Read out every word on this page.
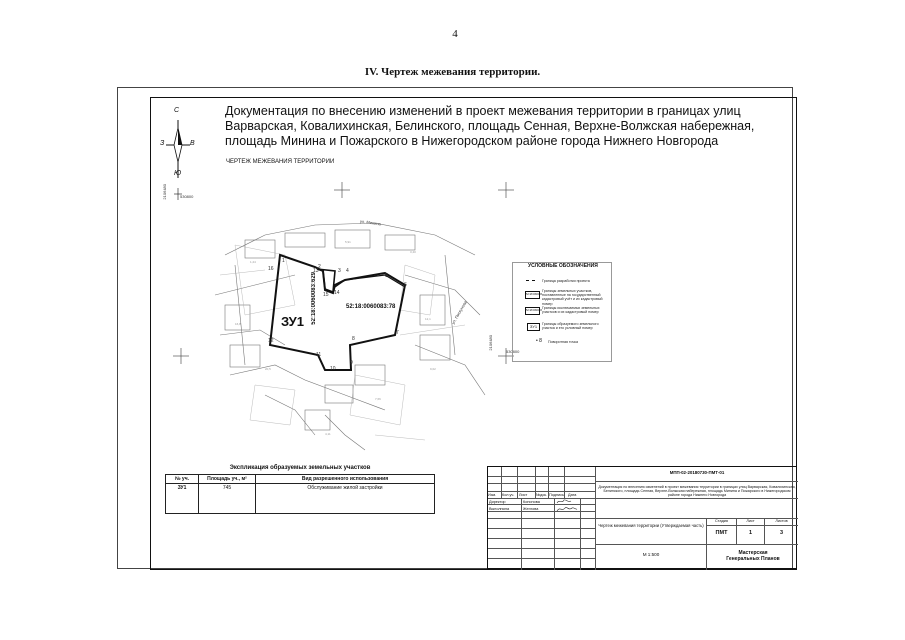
4
IV. Чертеж межевания территории.
Документация по внесению изменений в проект межевания территории в границах улиц Варварская, Ковалихинская, Белинского, площадь Сенная, Верхне-Волжская набережная, площадь Минина и Пожарского в Нижегородском районе города Нижнего Новгорода
ЧЕРТЕЖ МЕЖЕВАНИЯ ТЕРРИТОРИИ
С
Ю
З	В
2106480	530800
1,24
5,91
3,40
16,8
12,1
20,5
7,66
4,11
9,02
ЗУ1 52:18:0060083:629	52:18:0060083:78
ул. Минина
ул. Пискунова
2106480
530800
1
2
3 4
5
6
7
8
9
10
11
12
13
14
15
16	УСЛОВНЫЕ ОБОЗНАЧЕНИЯ
Граница разработки проекта
52:18:0060083
Границы земельных участков, поставленные на государственный кадастровый учёт и их кадастровый номер
52:18:0060083
Границы исключаемых земельных участков и их кадастровый номер
ЗУ1	Границы образуемого земельного участка и его условный номер
• 8 Поворотная точка
Экспликация образуемых земельных участков
№ уч.	Площадь уч., м²	Вид разрешенного использования
ЗУ1	745	Обслуживание жилой застройки
Изм. Кол.уч. Лист №док. Подпись Дата
Директор	Кононова
Выполнила	Жеглова
МПП-02-20180730-ПМТ-01
Документация по внесению изменений в проект межевания территории в границах улиц Варварская, Ковалихинская, Белинского, площадь Сенная, Верхне-Волжская набережная, площадь Минина и Пожарского в Нижегородском районе города Нижнего Новгорода
Чертеж межевания территории (Утверждаемая часть)
Стадия	Лист	Листов
ПМТ	1	3
М 1:500	Мастерская Генеральных Планов
